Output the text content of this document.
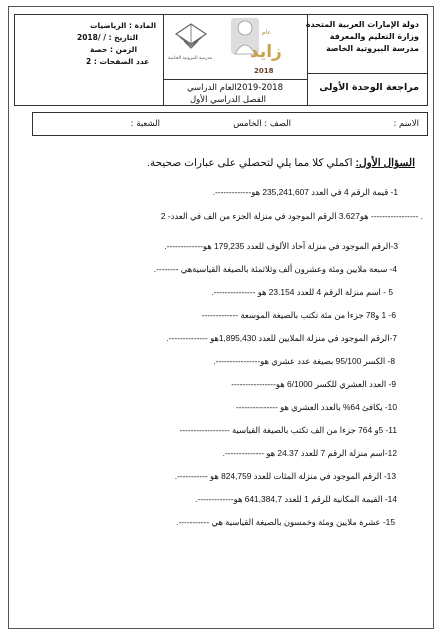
دولة الإمارات العربية المتحدة
وزارة التعليم والمعرفة
مدرسة البيروتية الخاصة
مراجعة الوحدة الأولى
2019-2018العام الدراسي
الفصل الدراسي الأول
مدرسة البيروتية الخاصة
عام
زايد
2018
المادة : الرياضيات
التاريخ : / /2018
الزمن : حصة
عدد الصفحات : 2
الاسم :
الصف : الخامس
الشعبة :
السؤال الأول: اكملي كلا مما يلي لتحصلي على عبارات صحيحة.
1- قيمة الرقم 4 في العدد 235,241,607 هو-------------.
. ----------------- هو3.627 الرقم الموجود في منزلة الجزء من الف في العدد- 2
3-الرقم الموجود في منزلة آحاد الألوف للعدد 179,235 هو-------------.
4- سبعة ملايين ومئة وعشرون ألف وثلاثمئة بالصيغة القياسيةهي --------.
5 - اسم منزلة الرقم 4 للعدد 23.154 هو ---------------.
6- 1 و78 جزءا من مئة تكتب بالصيغة الموسعة -------------
7-الرقم الموجود في منزلة الملايين للعدد 1,895,430هو --------------.
8- الكسر 95/100 بصيغة عدد عشري هو----------------.
9- العدد العشري للكسر 6/1000 هو----------------
10- يكافئ 64% بالعدد العشري هو ---------------
11- 5و 764 جزءا من الف تكتب بالصيغة القياسية ------------------
12-اسم منزلة الرقم 7 للعدد 24.37 هو --------------.
13- الرقم الموجود في منزلة المئات للعدد 824,759 هو -----------.
14- القيمة المكانية للرقم 1 للعدد 641,384,7 هو-------------.
15- عشرة ملايين ومئة وخمسون بالصيغة القياسية هي -----------.
